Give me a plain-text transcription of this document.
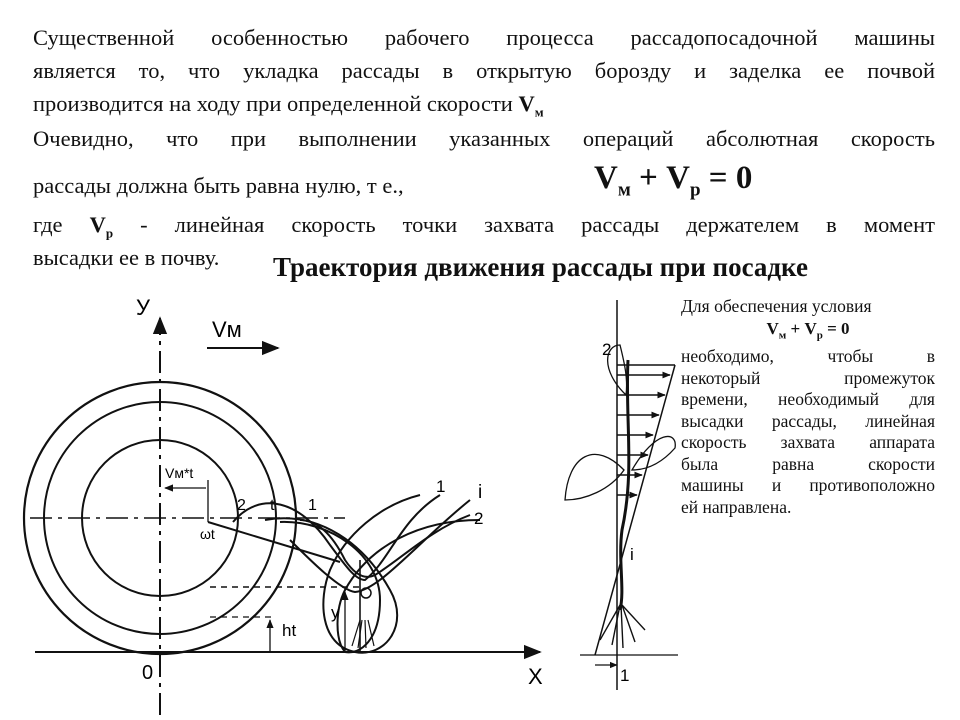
Существенной особенностью рабочего процесса рассадопосадочной машины

является то, что укладка рассады в открытую борозду и заделка ее почвой

производится на ходу при определенной скорости $V_м$

Очевидно, что при выполнении указанных операций абсолютная скорость

рассады должна быть равна нулю, т е.,	$V_м + V_р = 0$

где $V_р$ - линейная скорость точки захвата рассады держателем в момент

высадки ее в почву.	Траектория движения рассады при посадке
Для обеспечения условия
$V_м + V_р = 0$
необходимо, чтобы в
некоторый промежуток
времени, необходимый для
высадки рассады, линейная
скорость захвата аппарата
была равна скорости
машины и противоположно
ей направлена.
У
X
0
Vм
Vм*t
ωt
2 t 1
ht
у
1 i
2
2
i
1
